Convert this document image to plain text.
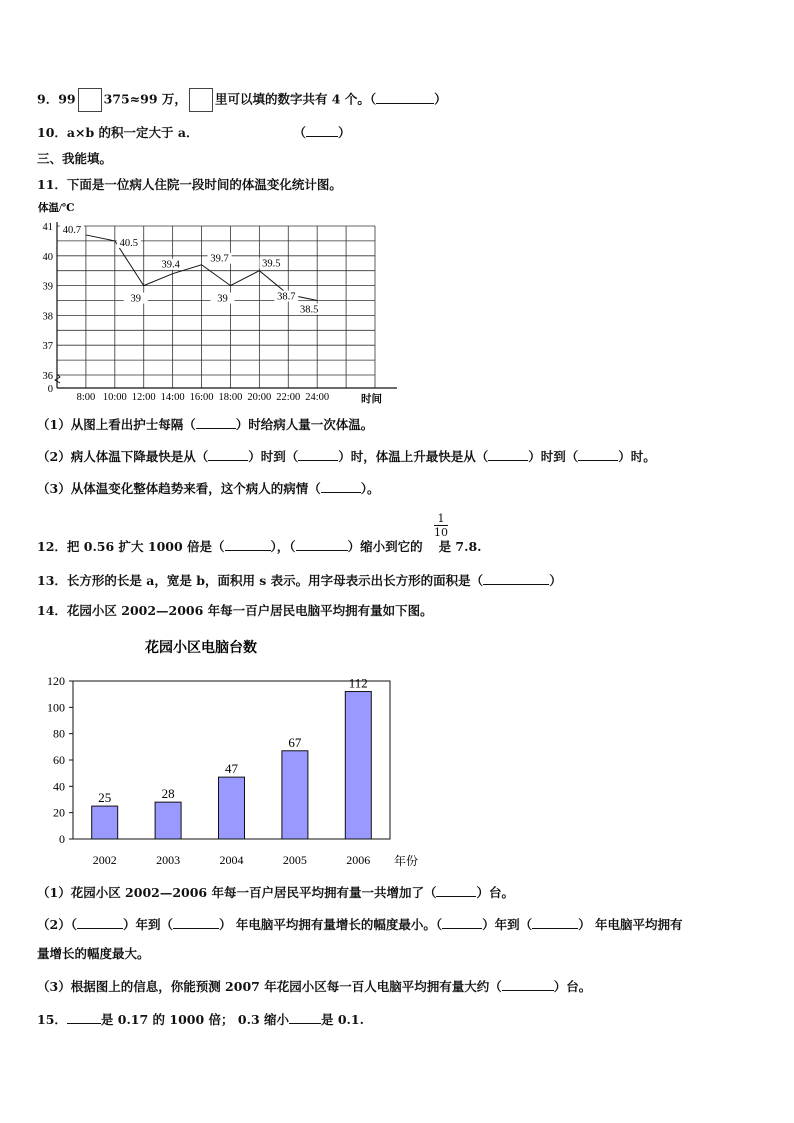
9．99 375≈99 万， 里可以填的数字共有 4 个。（	）
10．a×b 的积一定大于 a．	（	）
三、我能填。
11．下面是一位病人住院一段时间的体温变化统计图。
体温/℃
时间
0
36
37
38
39
40
41
8:00 10:00 12:00 14:00 16:00 18:00 20:00 22:00 24:00
40.7
40.5
39
39.4
39.7
39
39.5
38.7
38.5
（1）从图上看出护士每隔（	）时给病人量一次体温。
（2）病人体温下降最快是从（	）时到（	）时，体温上升最快是从（	）时到（	）时。
（3）从体温变化整体趋势来看，这个病人的病情（	）。
$\frac{1}{10}$
12．把 0.56 扩大 1000 倍是（	），（	）缩小到它的 是 7.8.
13．长方形的长是 a，宽是 b，面积用 s 表示。用字母表示出长方形的面积是（	）
14．花园小区 2002—2006 年每一百户居民电脑平均拥有量如下图。
花园小区电脑台数
0
20
40
60
80
100
120
25	28
47
67
112
2002	2003	2004	2005	2006 年份
（1）花园小区 2002—2006 年每一百户居民平均拥有量一共增加了（	）台。
（2）（	）年到（	） 年电脑平均拥有量增长的幅度最小。（	）年到（	） 年电脑平均拥有
量增长的幅度最大。
（3）根据图上的信息，你能预测 2007 年花园小区每一百人电脑平均拥有量大约（	）台。
15．	是 0.17 的 1000 倍； 0.3 缩小	是 0.1.
